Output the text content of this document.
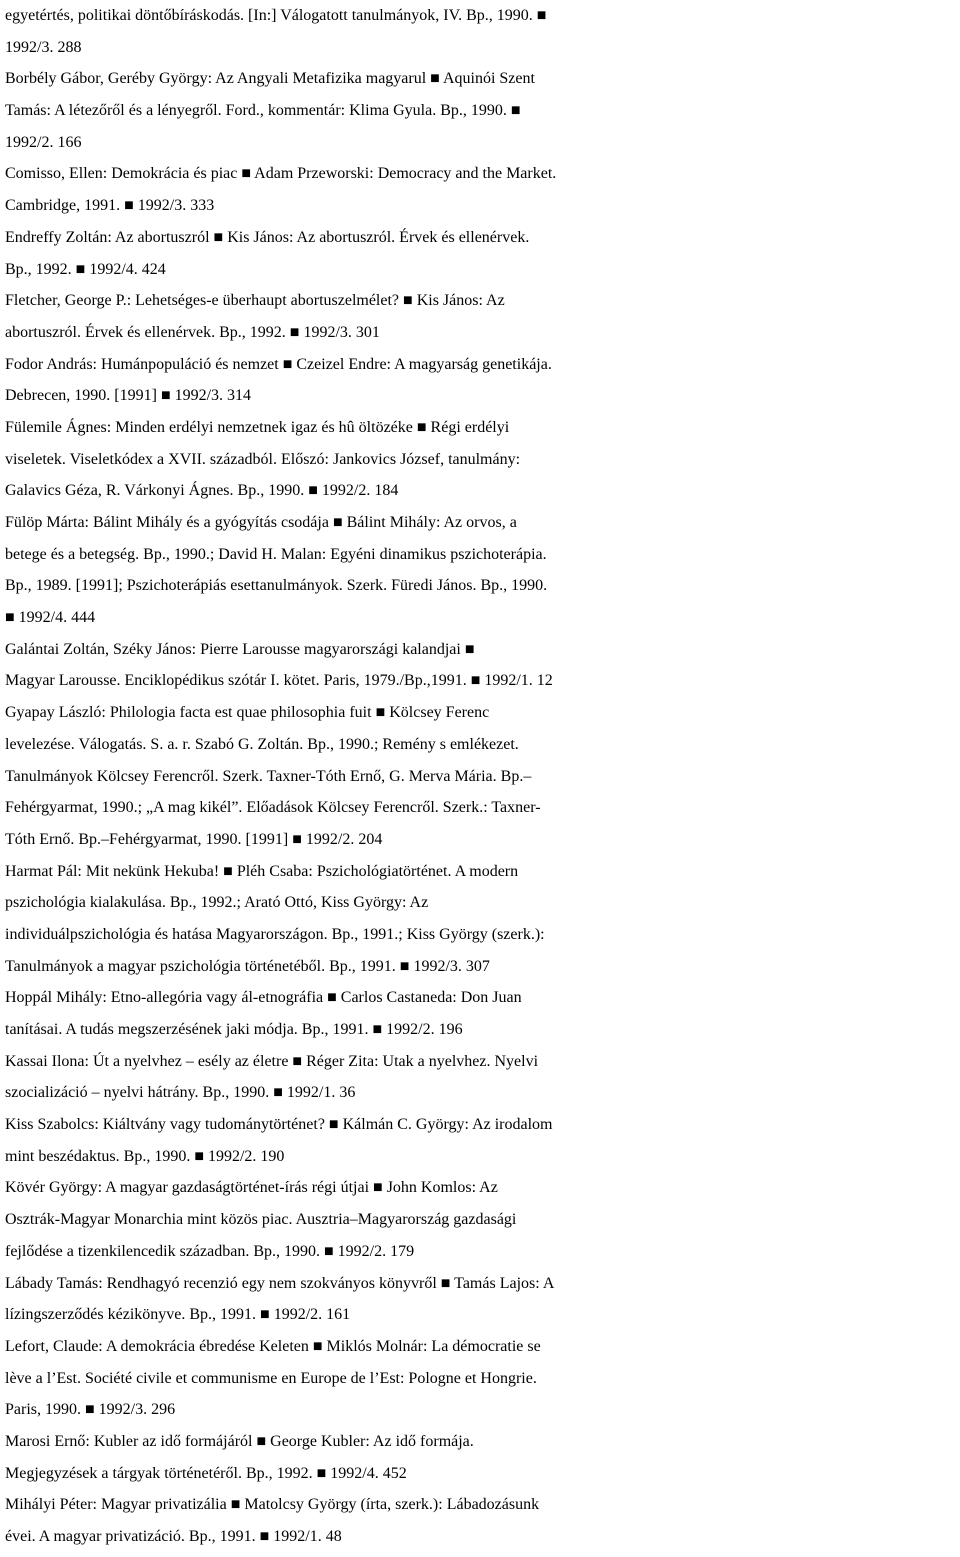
egyetértés, politikai döntőbíráskodás. [In:] Válogatott tanulmányok, IV. Bp., 1990. ■
1992/3. 288
Borbély Gábor, Geréby György: Az Angyali Metafizika magyarul ■ Aquinói Szent
Tamás: A létezőről és a lényegről. Ford., kommentár: Klima Gyula. Bp., 1990. ■
1992/2. 166
Comisso, Ellen: Demokrácia és piac ■ Adam Przeworski: Democracy and the Market.
Cambridge, 1991. ■ 1992/3. 333
Endreffy Zoltán: Az abortuszról ■ Kis János: Az abortuszról. Érvek és ellenérvek.
Bp., 1992. ■ 1992/4. 424
Fletcher, George P.: Lehetséges-e überhaupt abortuszelmélet? ■ Kis János: Az
abortuszról. Érvek és ellenérvek. Bp., 1992. ■ 1992/3. 301
Fodor András: Humánpopuláció és nemzet ■ Czeizel Endre: A magyarság genetikája.
Debrecen, 1990. [1991] ■ 1992/3. 314
Fülemile Ágnes: Minden erdélyi nemzetnek igaz és hû öltözéke ■ Régi erdélyi
viseletek. Viseletkódex a XVII. századból. Előszó: Jankovics József, tanulmány:
Galavics Géza, R. Várkonyi Ágnes. Bp., 1990. ■ 1992/2. 184
Fülöp Márta: Bálint Mihály és a gyógyítás csodája ■ Bálint Mihály: Az orvos, a
betege és a betegség. Bp., 1990.; David H. Malan: Egyéni dinamikus pszichoterápia.
Bp., 1989. [1991]; Pszichoterápiás esettanulmányok. Szerk. Füredi János. Bp., 1990.
■ 1992/4. 444
Galántai Zoltán, Széky János: Pierre Larousse magyarországi kalandjai ■
Magyar Larousse. Enciklopédikus szótár I. kötet. Paris, 1979./Bp.,1991. ■ 1992/1. 12
Gyapay László: Philologia facta est quae philosophia fuit ■ Kölcsey Ferenc
levelezése. Válogatás. S. a. r. Szabó G. Zoltán. Bp., 1990.; Remény s emlékezet.
Tanulmányok Kölcsey Ferencről. Szerk. Taxner-Tóth Ernő, G. Merva Mária. Bp.–
Fehérgyarmat, 1990.; „A mag kikél”. Előadások Kölcsey Ferencről. Szerk.: Taxner-
Tóth Ernő. Bp.–Fehérgyarmat, 1990. [1991] ■ 1992/2. 204
Harmat Pál: Mit nekünk Hekuba! ■ Pléh Csaba: Pszichológiatörténet. A modern
pszichológia kialakulása. Bp., 1992.; Arató Ottó, Kiss György: Az
individuálpszichológia és hatása Magyarországon. Bp., 1991.; Kiss György (szerk.):
Tanulmányok a magyar pszichológia történetéből. Bp., 1991. ■ 1992/3. 307
Hoppál Mihály: Etno-allegória vagy ál-etnográfia ■ Carlos Castaneda: Don Juan
tanításai. A tudás megszerzésének jaki módja. Bp., 1991. ■ 1992/2. 196
Kassai Ilona: Út a nyelvhez – esély az életre ■ Réger Zita: Utak a nyelvhez. Nyelvi
szocializáció – nyelvi hátrány. Bp., 1990. ■ 1992/1. 36
Kiss Szabolcs: Kiáltvány vagy tudománytörténet? ■ Kálmán C. György: Az irodalom
mint beszédaktus. Bp., 1990. ■ 1992/2. 190
Kövér György: A magyar gazdaságtörténet-írás régi útjai ■ John Komlos: Az
Osztrák-Magyar Monarchia mint közös piac. Ausztria–Magyarország gazdasági
fejlődése a tizenkilencedik században. Bp., 1990. ■ 1992/2. 179
Lábady Tamás: Rendhagyó recenzió egy nem szokványos könyvről ■ Tamás Lajos: A
lízingszerződés kézikönyve. Bp., 1991. ■ 1992/2. 161
Lefort, Claude: A demokrácia ébredése Keleten ■ Miklós Molnár: La démocratie se
lève a l’Est. Société civile et communisme en Europe de l’Est: Pologne et Hongrie.
Paris, 1990. ■ 1992/3. 296
Marosi Ernő: Kubler az idő formájáról ■ George Kubler: Az idő formája.
Megjegyzések a tárgyak történetéről. Bp., 1992. ■ 1992/4. 452
Mihályi Péter: Magyar privatizália ■ Matolcsy György (írta, szerk.): Lábadozásunk
évei. A magyar privatizáció. Bp., 1991. ■ 1992/1. 48
